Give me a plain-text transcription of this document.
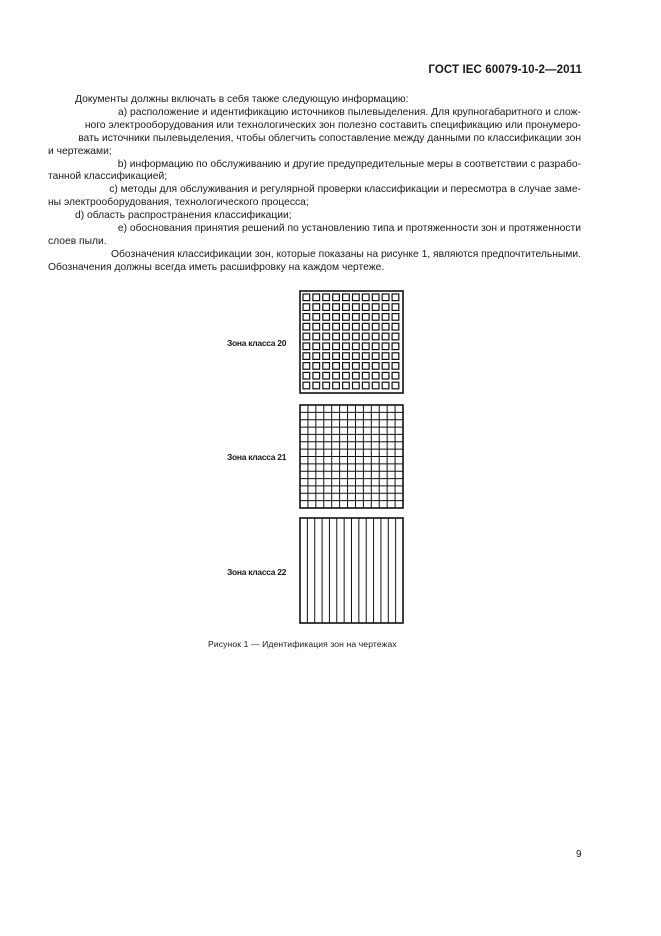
ГОСТ IEC 60079-10-2—2011

Документы должны включать в себя также следующую информацию:

а) расположение и идентификацию источников пылевыделения. Для крупногабаритного и слож-

ного электрооборудования или технологических зон полезно составить спецификацию или пронумеро-

вать источники пылевыделения, чтобы облегчить сопоставление между данными по классификации зон

и чертежами;

b) информацию по обслуживанию и другие предупредительные меры в соответствии с разрабо-

танной классификацией;

c) методы для обслуживания и регулярной проверки классификации и пересмотра в случае заме-

ны электрооборудования, технологического процесса;

d) область распространения классификации;

e) обоснования принятия решений по установлению типа и протяженности зон и протяженности

слоев пыли.

Обозначения классификации зон, которые показаны на рисунке 1, являются предпочтительными.

Обозначения должны всегда иметь расшифровку на каждом чертеже.

Зона класса 20
Зона класса 21
Зона класса 22
Рисунок 1 — Идентификация зон на чертежах
9
